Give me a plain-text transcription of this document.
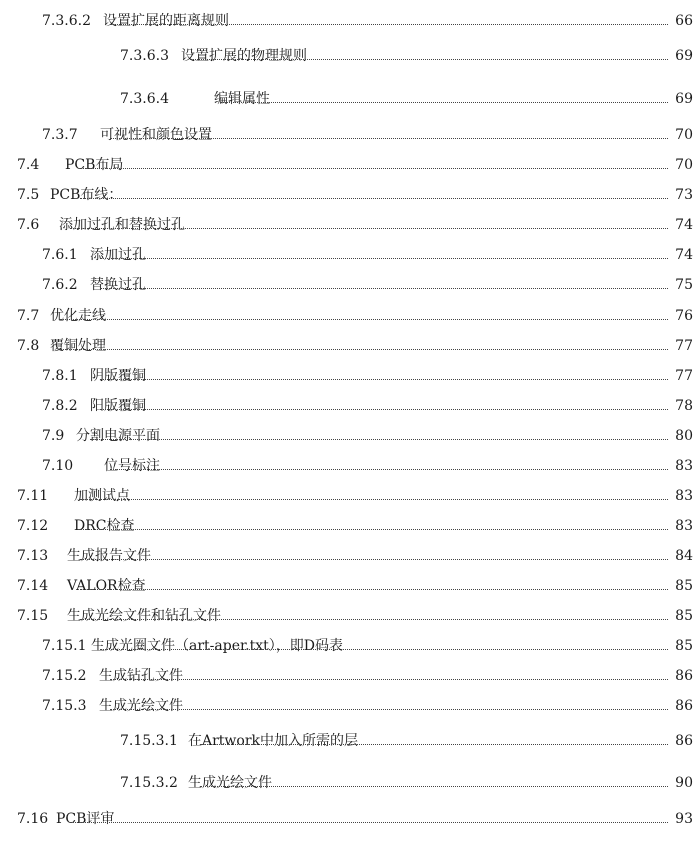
7.3.6.2 设置扩展的距离规则	66
7.3.6.3 设置扩展的物理规则	69
7.3.6.4	编辑属性	69
7.3.7 可视性和颜色设置	70
7.4 PCB布局	70
7.5 PCB布线：	73
7.6 添加过孔和替换过孔	74
7.6.1 添加过孔	74
7.6.2 替换过孔	75
7.7 优化走线	76
7.8 覆铜处理	77
7.8.1 阴版覆铜	77
7.8.2 阳版覆铜	78
7.9 分割电源平面	80
7.10 位号标注	83
7.11 加测试点	83
7.12 DRC检查	83
7.13 生成报告文件	84
7.14 VALOR检查	85
7.15 生成光绘文件和钻孔文件	85
7.15.1 生成光圈文件（art-aper.txt），即D码表	85
7.15.2 生成钻孔文件	86
7.15.3 生成光绘文件	86
7.15.3.1 在Artwork中加入所需的层	86
7.15.3.2 生成光绘文件	90
7.16 PCB评审	93
